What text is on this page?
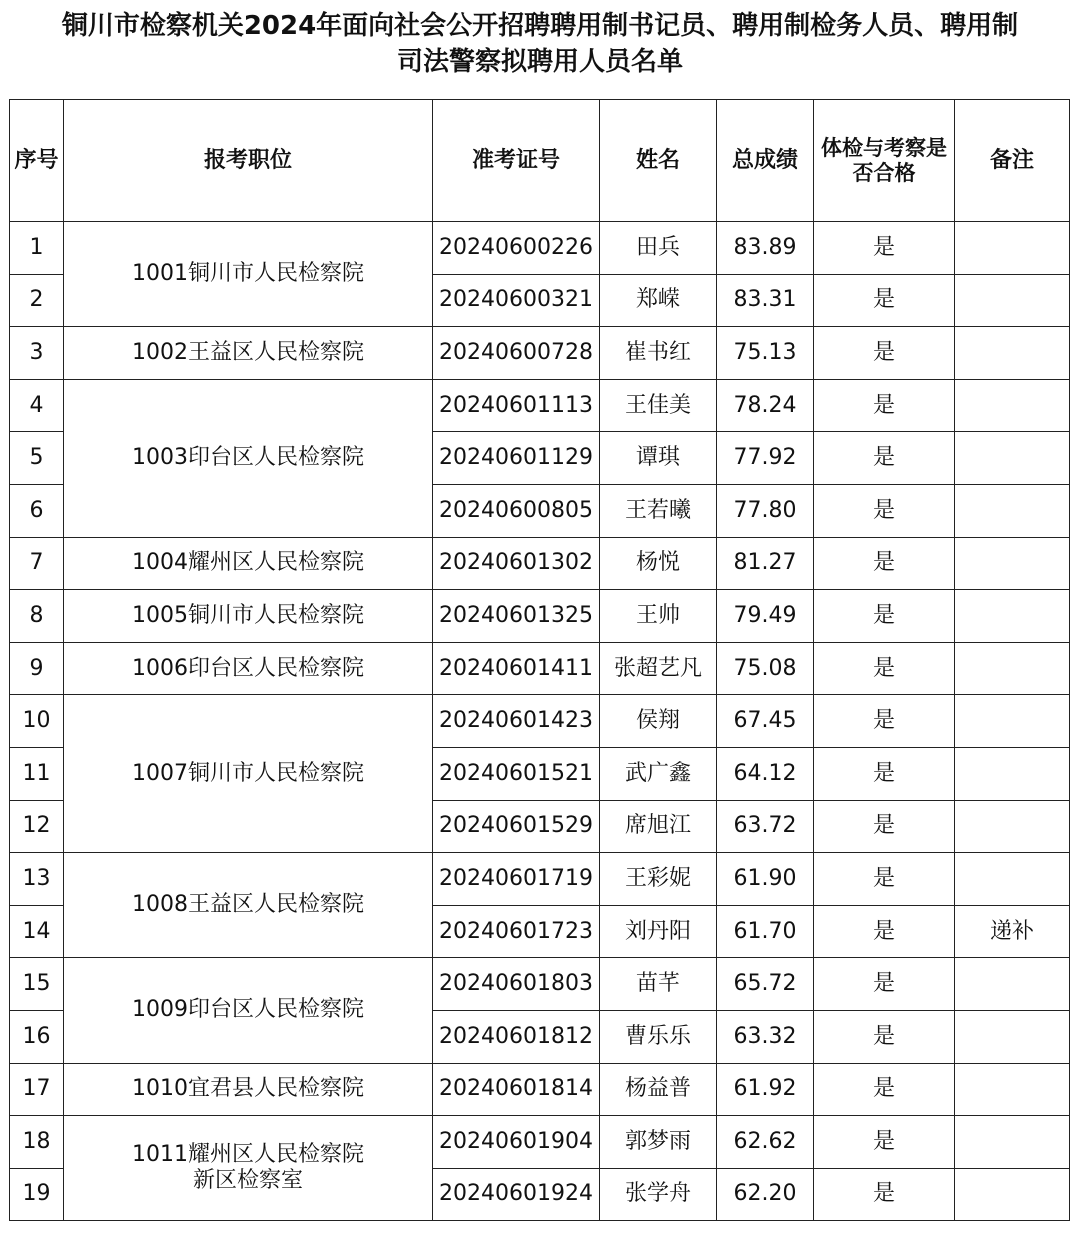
铜川市检察机关2024年面向社会公开招聘聘用制书记员、聘用制检务人员、聘用制
司法警察拟聘用人员名单
序号	报考职位	准考证号	姓名	总成绩	体检与考察是
否合格	备注
1	1001铜川市人民检察院	20240600226	田兵	83.89	是	
2		20240600321	郑嵘	83.31	是	
3	1002王益区人民检察院	20240600728	崔书红	75.13	是	
4	1003印台区人民检察院	20240601113	王佳美	78.24	是	
5		20240601129	谭琪	77.92	是	
6		20240600805	王若曦	77.80	是	
7	1004耀州区人民检察院	20240601302	杨悦	81.27	是	
8	1005铜川市人民检察院	20240601325	王帅	79.49	是	
9	1006印台区人民检察院	20240601411	张超艺凡	75.08	是	
10	1007铜川市人民检察院	20240601423	侯翔	67.45	是	
11		20240601521	武广鑫	64.12	是	
12		20240601529	席旭江	63.72	是	
13	1008王益区人民检察院	20240601719	王彩妮	61.90	是	
14		20240601723	刘丹阳	61.70	是	递补
15	1009印台区人民检察院	20240601803	苗芊	65.72	是	
16		20240601812	曹乐乐	63.32	是	
17	1010宜君县人民检察院	20240601814	杨益普	61.92	是	
18	1011耀州区人民检察院
新区检察室	20240601904	郭梦雨	62.62	是	
19		20240601924	张学舟	62.20	是	
